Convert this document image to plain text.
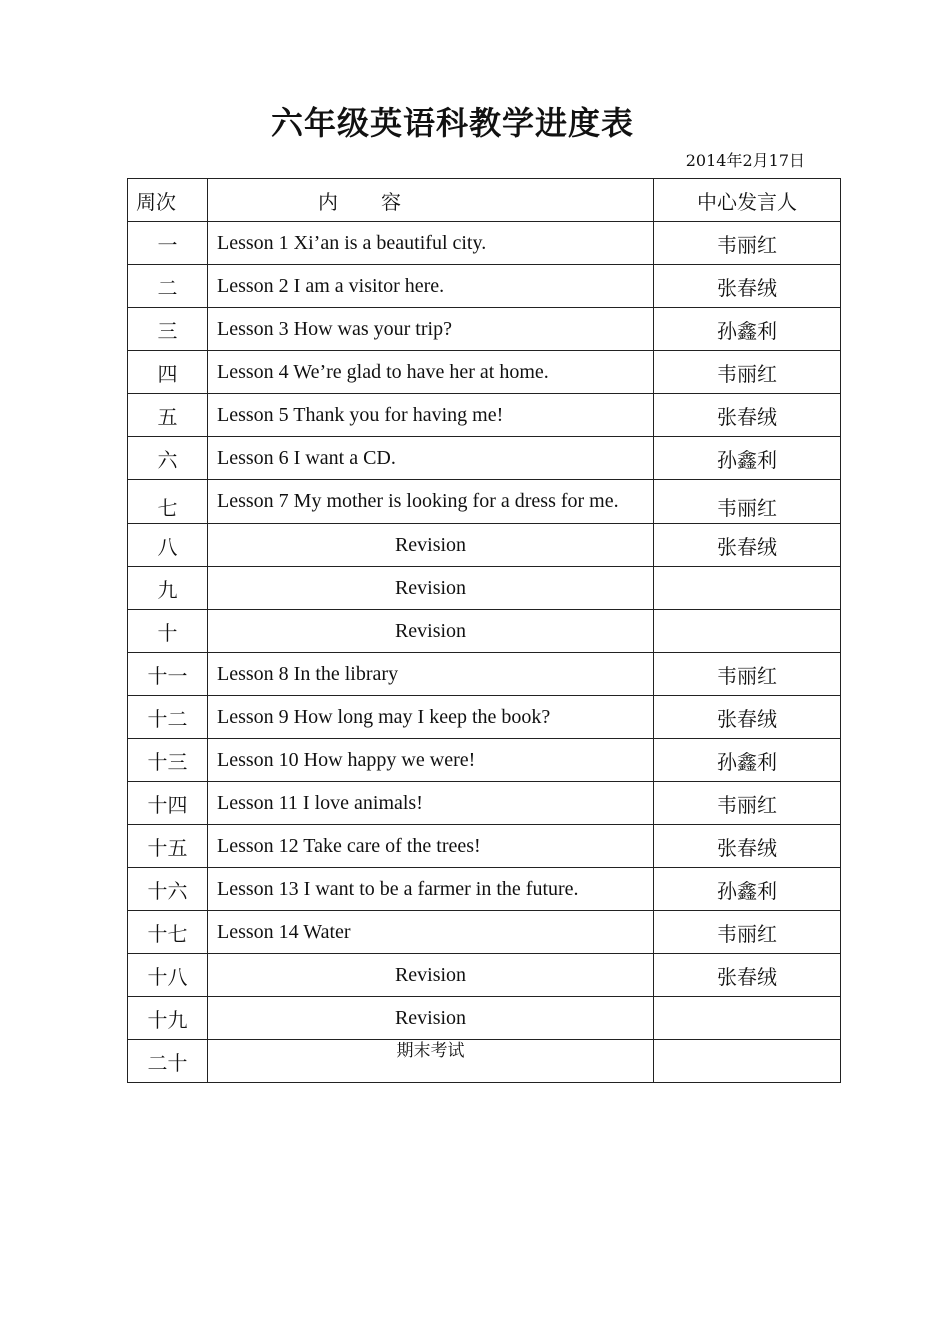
六年级英语科教学进度表
2014年2月17日
周次	内　　容	中心发言人
一	Lesson 1 Xi’an is a beautiful city.	韦丽红
二	Lesson 2 I am a visitor here.	张春绒
三	Lesson 3 How was your trip?	孙鑫利
四	Lesson 4 We’re glad to have her at home.	韦丽红
五	Lesson 5 Thank you for having me!	张春绒
六	Lesson 6 I want a CD.	孙鑫利
七	Lesson 7 My mother is looking for a dress for me.	韦丽红
八	Revision	张春绒
九	Revision	
十	Revision	
十一	Lesson 8 In the library	韦丽红
十二	Lesson 9 How long may I keep the book?	张春绒
十三	Lesson 10 How happy we were!	孙鑫利
十四	Lesson 11 I love animals!	韦丽红
十五	Lesson 12 Take care of the trees!	张春绒
十六	Lesson 13 I want to be a farmer in the future.	孙鑫利
十七	Lesson 14 Water	韦丽红
十八	Revision	张春绒
十九	Revision	
二十	期末考试	
